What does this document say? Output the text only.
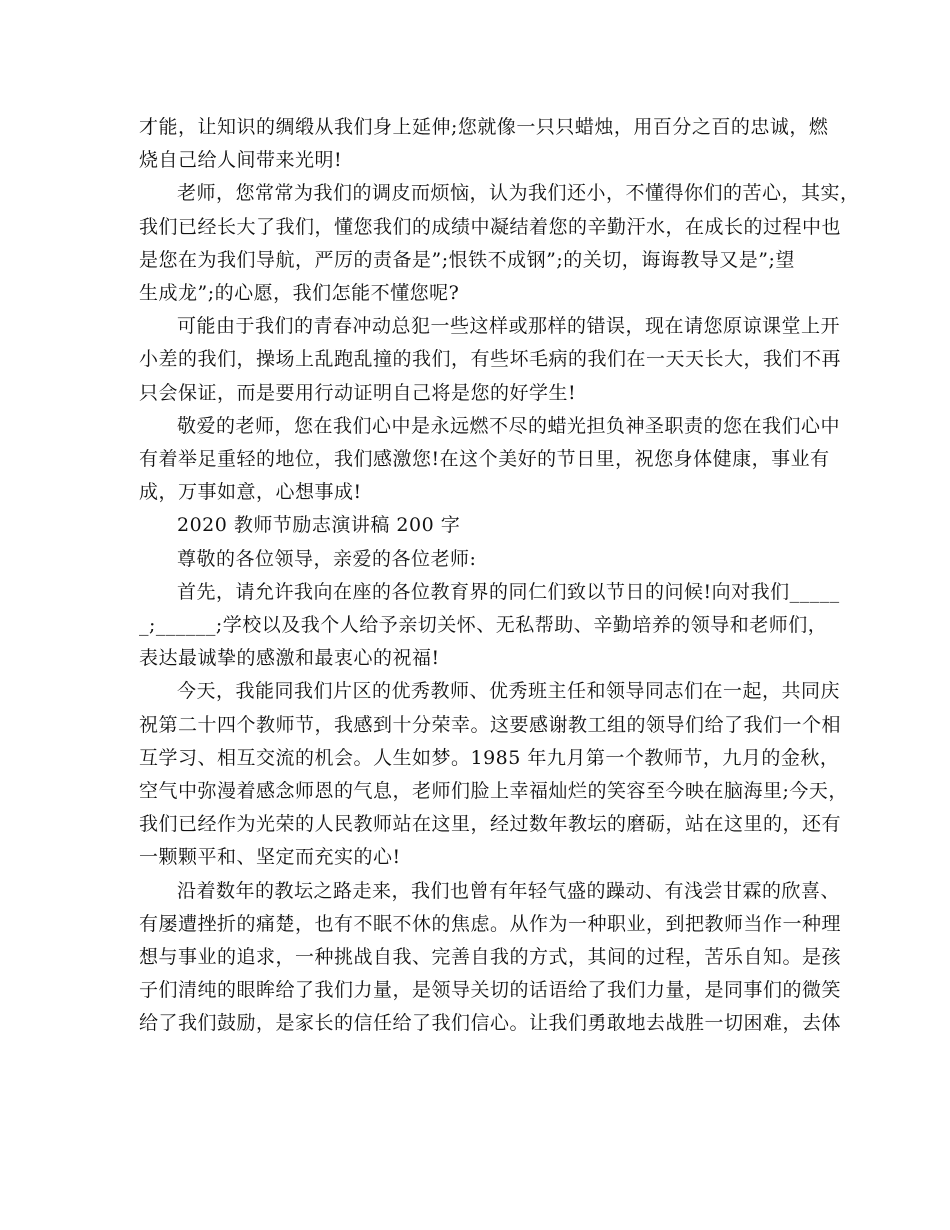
才能，让知识的绸缎从我们身上延伸;您就像一只只蜡烛，用百分之百的忠诚，燃
烧自己给人间带来光明!
老师，您常常为我们的调皮而烦恼，认为我们还小，不懂得你们的苦心，其实，
我们已经长大了我们，懂您我们的成绩中凝结着您的辛勤汗水，在成长的过程中也
是您在为我们导航，严厉的责备是”;恨铁不成钢”;的关切，诲诲教导又是”;望
生成龙”;的心愿，我们怎能不懂您呢?
可能由于我们的青春冲动总犯一些这样或那样的错误，现在请您原谅课堂上开
小差的我们，操场上乱跑乱撞的我们，有些坏毛病的我们在一天天长大，我们不再
只会保证，而是要用行动证明自己将是您的好学生!
敬爱的老师，您在我们心中是永远燃不尽的蜡光担负神圣职责的您在我们心中
有着举足重轻的地位，我们感激您!在这个美好的节日里，祝您身体健康，事业有
成，万事如意，心想事成!
2020 教师节励志演讲稿 200 字
尊敬的各位领导，亲爱的各位老师:
首先，请允许我向在座的各位教育界的同仁们致以节日的问候!向对我们_____
_;______;学校以及我个人给予亲切关怀、无私帮助、辛勤培养的领导和老师们，
表达最诚挚的感激和最衷心的祝福!
今天，我能同我们片区的优秀教师、优秀班主任和领导同志们在一起，共同庆
祝第二十四个教师节，我感到十分荣幸。这要感谢教工组的领导们给了我们一个相
互学习、相互交流的机会。人生如梦。1985 年九月第一个教师节，九月的金秋，
空气中弥漫着感念师恩的气息，老师们脸上幸福灿烂的笑容至今映在脑海里;今天，
我们已经作为光荣的人民教师站在这里，经过数年教坛的磨砺，站在这里的，还有
一颗颗平和、坚定而充实的心!
沿着数年的教坛之路走来，我们也曾有年轻气盛的躁动、有浅尝甘霖的欣喜、
有屡遭挫折的痛楚，也有不眠不休的焦虑。从作为一种职业，到把教师当作一种理
想与事业的追求，一种挑战自我、完善自我的方式，其间的过程，苦乐自知。是孩
子们清纯的眼眸给了我们力量，是领导关切的话语给了我们力量，是同事们的微笑
给了我们鼓励，是家长的信任给了我们信心。让我们勇敢地去战胜一切困难，去体
